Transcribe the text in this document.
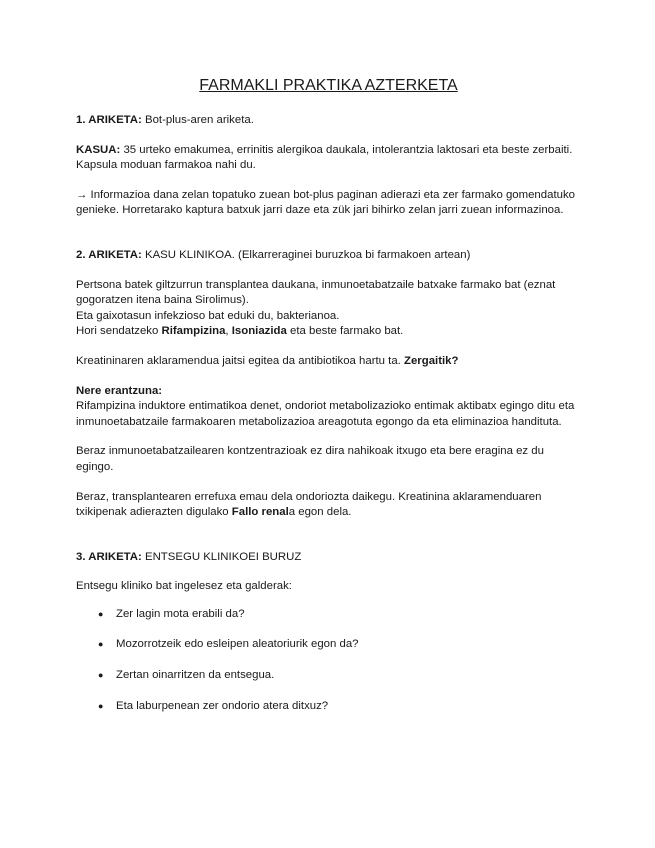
FARMAKLI PRAKTIKA AZTERKETA

1. ARIKETA: Bot-plus-aren ariketa.

KASUA: 35 urteko emakumea, errinitis alergikoa daukala, intolerantzia laktosari eta beste zerbaiti. Kapsula moduan farmakoa nahi du.

→ Informazioa dana zelan topatuko zuean bot-plus paginan adierazi eta zer farmako gomendatuko genieke. Horretarako kaptura batxuk jarri daze eta zük jari bihirko zelan jarri zuean informazinoa.

2. ARIKETA: KASU KLINIKOA. (Elkarreraginei buruzkoa bi farmakoen artean)

Pertsona batek giltzurrun transplantea daukana, inmunoetabatzaile batxake farmako bat (eznat gogoratzen itena baina Sirolimus).
Eta gaixotasun infekzioso bat eduki du, bakterianoa.
Hori sendatzeko Rifampizina, Isoniazida eta beste farmako bat.

Kreatininaren aklaramendua jaitsi egitea da antibiotikoa hartu ta. Zergaitik?

Nere erantzuna:
Rifampizina induktore entimatikoa denet, ondoriot metabolizazioko entimak aktibatx egingo ditu eta inmunoetabatzaile farmakoaren metabolizazioa areagotuta egongo da eta eliminazioa handituta.

Beraz inmunoetabatzailearen kontzentrazioak ez dira nahikoak itxugo eta bere eragina ez du egingo.

Beraz, transplantearen errefuxa emau dela ondoriozta daikegu. Kreatinina aklaramenduaren txikipenak adierazten digulako Fallo renala egon dela.

3. ARIKETA: ENTSEGU KLINIKOEI BURUZ

Entsegu kliniko bat ingelesez eta galderak:

● Zer lagin mota erabili da?
● Mozorrotzeik edo esleipen aleatoriurik egon da?
● Zertan oinarritzen da entsegua.
● Eta laburpenean zer ondorio atera ditxuz?
